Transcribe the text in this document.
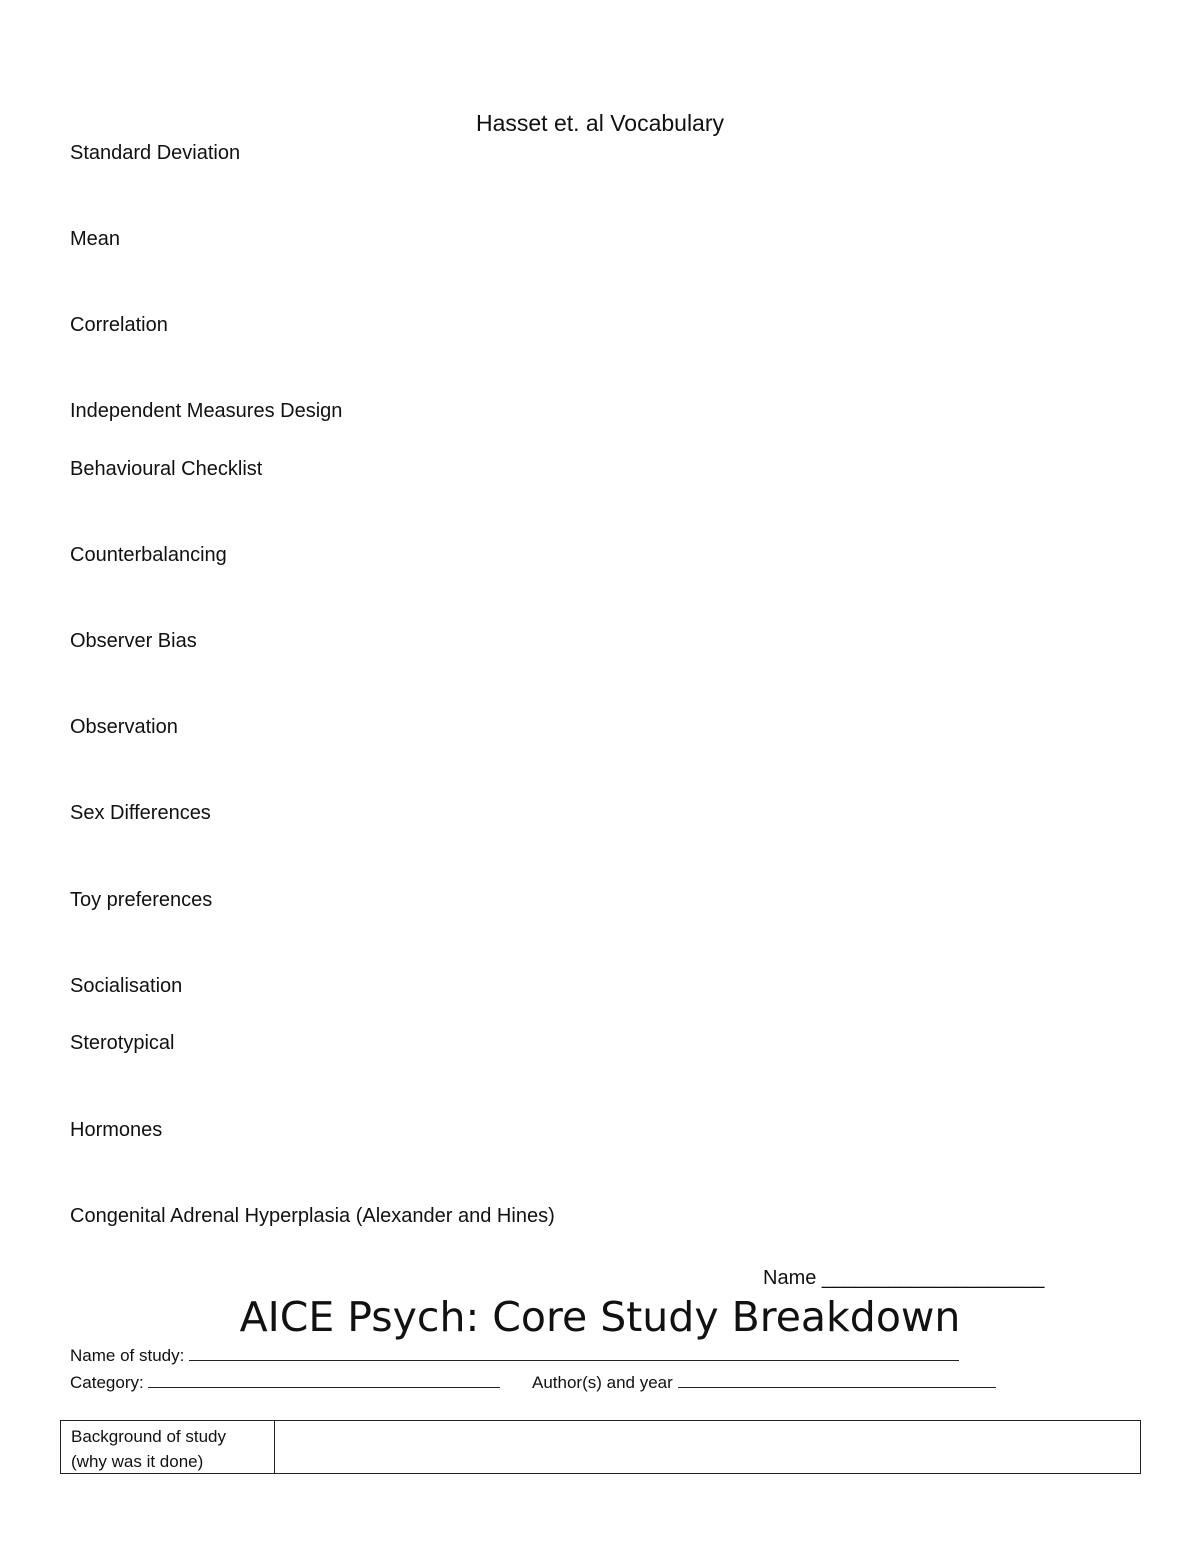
Hasset et. al Vocabulary
Standard Deviation
Mean
Correlation
Independent Measures Design
Behavioural Checklist
Counterbalancing
Observer Bias
Observation
Sex Differences
Toy preferences
Socialisation
Sterotypical
Hormones
Congenital Adrenal Hyperplasia (Alexander and Hines)
Name ____________________
AICE Psych: Core Study Breakdown
Name of study:
Category:	Author(s) and year
Background of study
(why was it done)
